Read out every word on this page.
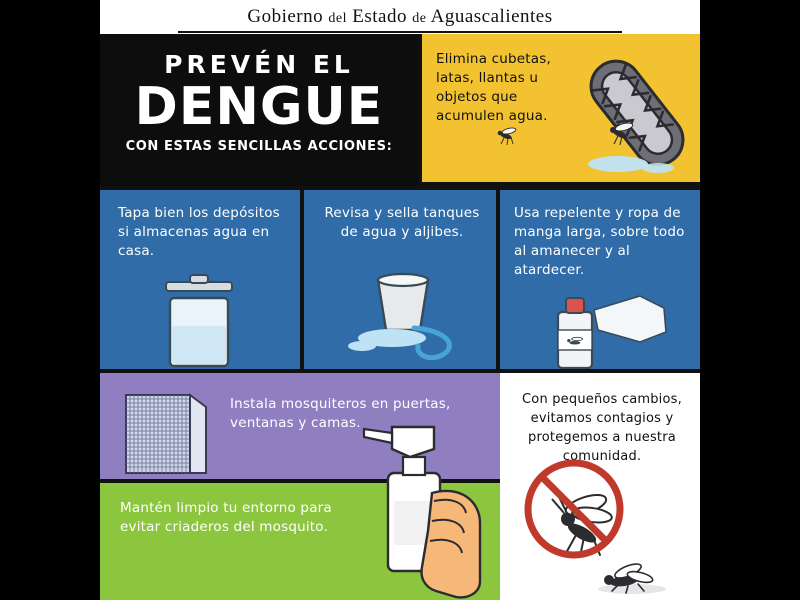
Gobierno del Estado de Aguascalientes
PREVÉN EL
DENGUE
CON ESTAS SENCILLAS ACCIONES:
Elimina cubetas, latas, llantas u objetos que acumulen agua.
Tapa bien los depósitos si almacenas agua en casa.
Revisa y sella tanques de agua y aljibes.
Usa repelente y ropa de manga larga, sobre todo al amanecer y al atardecer.
Instala mosquiteros en puertas, ventanas y camas.
Mantén limpio tu entorno para evitar criaderos del mosquito.
Con pequeños cambios, evitamos contagios y protegemos a nuestra comunidad.
